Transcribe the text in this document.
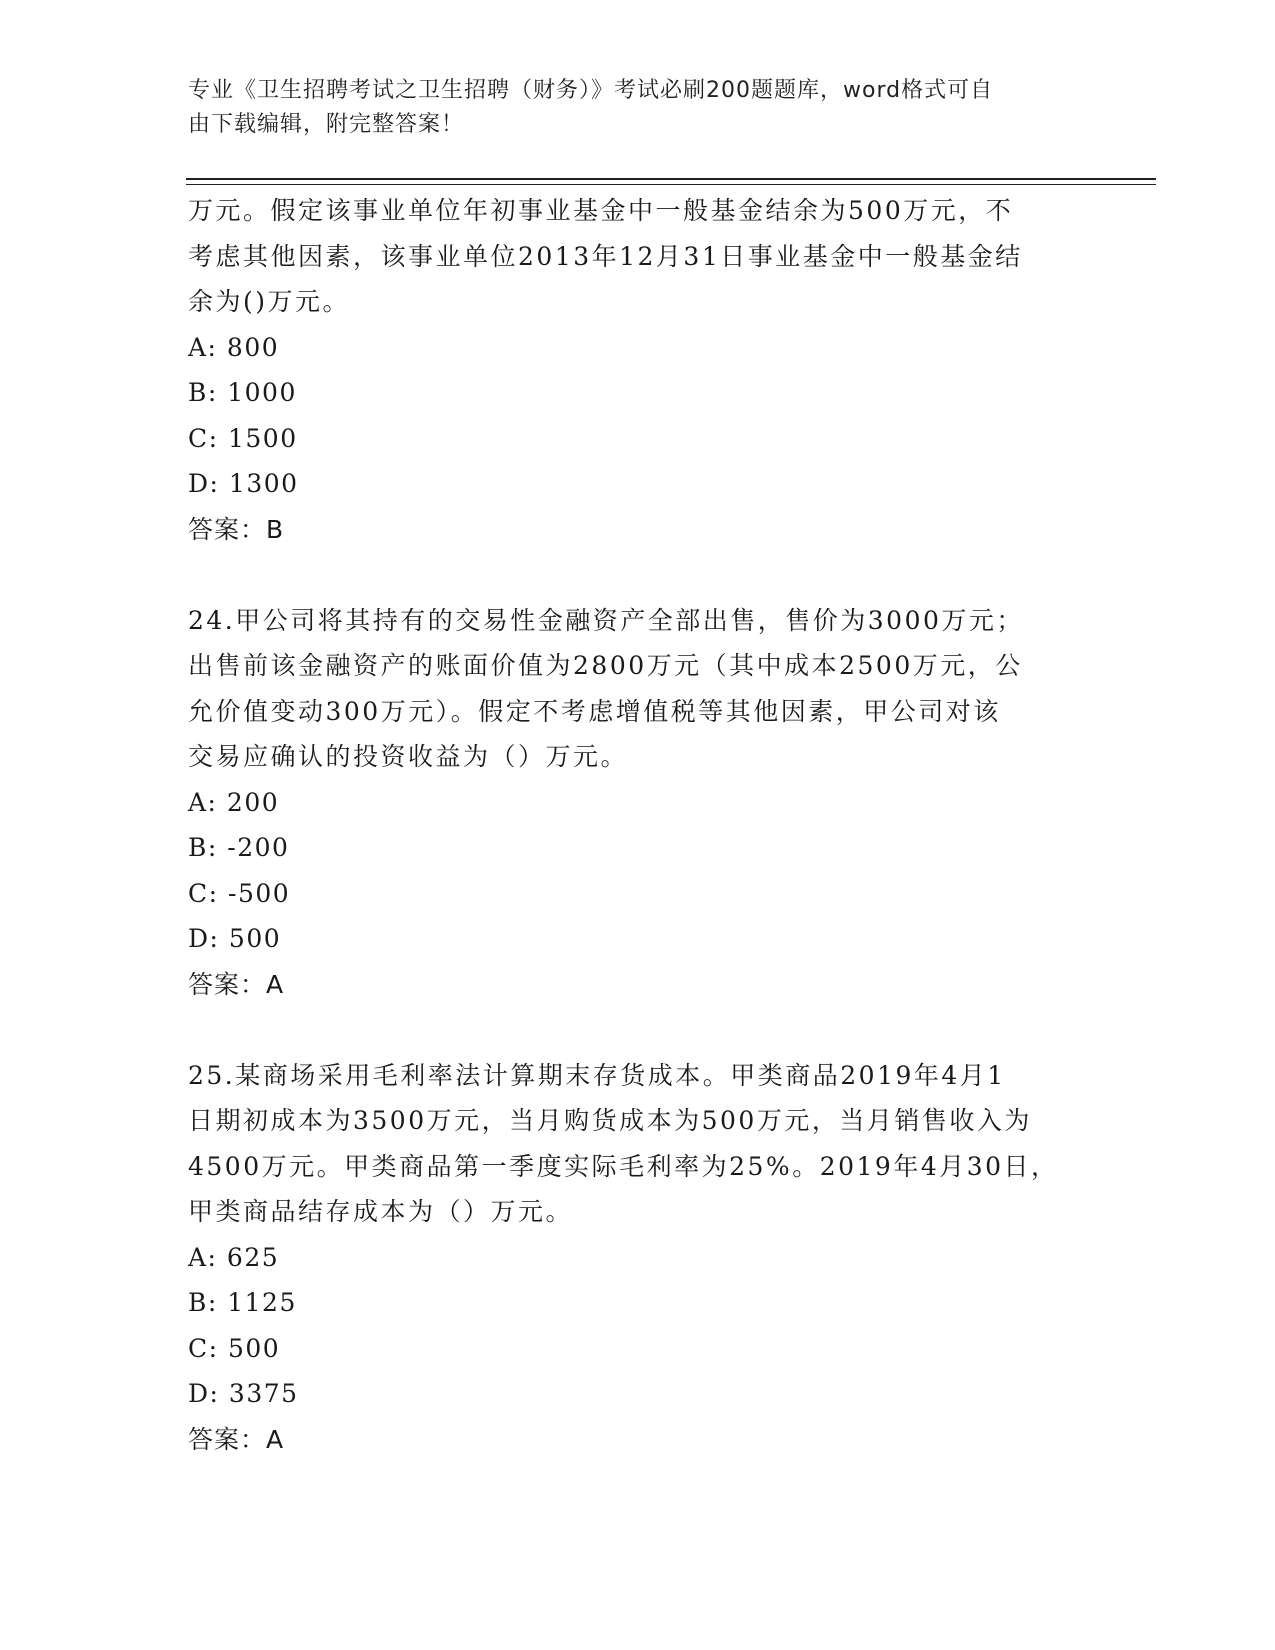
专业《卫生招聘考试之卫生招聘（财务）》考试必刷200题题库，word格式可自
由下载编辑，附完整答案！
万元。假定该事业单位年初事业基金中一般基金结余为500万元，不
考虑其他因素，该事业单位2013年12月31日事业基金中一般基金结
余为()万元。
A: 800
B: 1000
C: 1500
D: 1300
答案：B
24.甲公司将其持有的交易性金融资产全部出售，售价为3000万元；
出售前该金融资产的账面价值为2800万元（其中成本2500万元，公
允价值变动300万元）。假定不考虑增值税等其他因素，甲公司对该
交易应确认的投资收益为（）万元。
A: 200
B: -200
C: -500
D: 500
答案：A
25.某商场采用毛利率法计算期末存货成本。甲类商品2019年4月1
日期初成本为3500万元，当月购货成本为500万元，当月销售收入为
4500万元。甲类商品第一季度实际毛利率为25%。2019年4月30日，
甲类商品结存成本为（）万元。
A: 625
B: 1125
C: 500
D: 3375
答案：A
